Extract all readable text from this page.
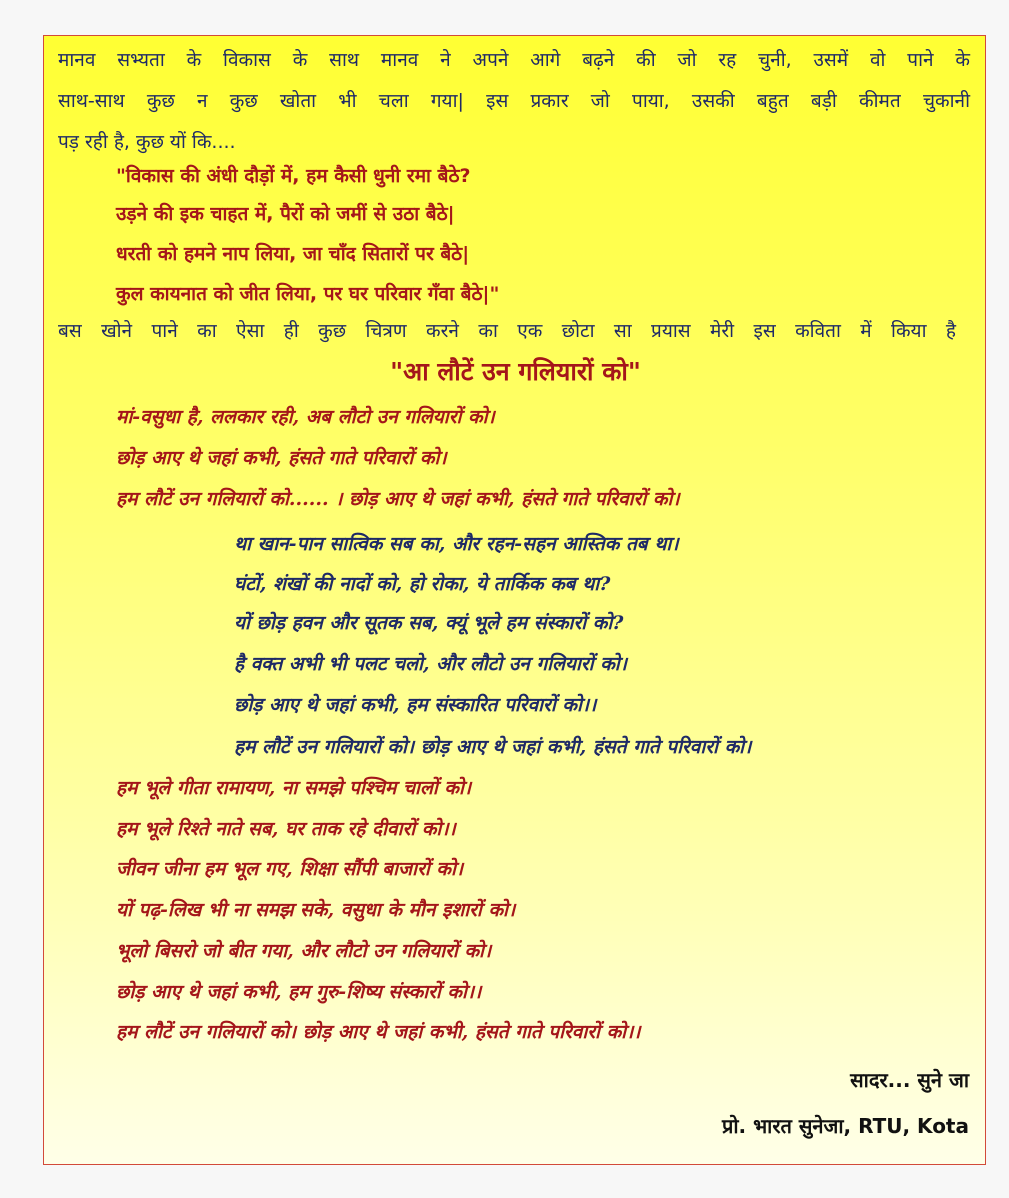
मानव सभ्यता के विकास के साथ मानव ने अपने आगे बढ़ने की जो रह चुनी, उसमें वो पाने के
साथ-साथ कुछ न कुछ खोता भी चला गया| इस प्रकार जो पाया, उसकी बहुत बड़ी कीमत चुकानी
पड़ रही है, कुछ यों कि....
"विकास की अंधी दौड़ों में, हम कैसी धुनी रमा बैठे?
उड़ने की इक चाहत में, पैरों को जमीं से उठा बैठे|
धरती को हमने नाप लिया, जा चाँद सितारों पर बैठे|
कुल कायनात को जीत लिया, पर घर परिवार गँवा बैठे|"
बस खोने पाने का ऐसा ही कुछ चित्रण करने का एक छोटा सा प्रयास मेरी इस कविता में किया है
"आ लौटें उन गलियारों को"
मां-वसुधा है, ललकार रही, अब लौटो उन गलियारों को।
छोड़ आए थे जहां कभी, हंसते गाते परिवारों को।
हम लौटें उन गलियारों को...... । छोड़ आए थे जहां कभी, हंसते गाते परिवारों को।
था खान-पान सात्विक सब का, और रहन-सहन आस्तिक तब था।
घंटों, शंखों की नादों को, हो रोका, ये तार्किक कब था?
यों छोड़ हवन और सूतक सब, क्यूं भूले हम संस्कारों को?
है वक्त अभी भी पलट चलो, और लौटो उन गलियारों को।
छोड़ आए थे जहां कभी, हम संस्कारित परिवारों को।।
हम लौटें उन गलियारों को। छोड़ आए थे जहां कभी, हंसते गाते परिवारों को।
हम भूले गीता रामायण, ना समझे पश्चिम चालों को।
हम भूले रिश्ते नाते सब, घर ताक रहे दीवारों को।।
जीवन जीना हम भूल गए, शिक्षा सौंपी बाजारों को।
यों पढ़-लिख भी ना समझ सके, वसुधा के मौन इशारों को।
भूलो बिसरो जो बीत गया, और लौटो उन गलियारों को।
छोड़ आए थे जहां कभी, हम गुरु-शिष्य संस्कारों को।।
हम लौटें उन गलियारों को। छोड़ आए थे जहां कभी, हंसते गाते परिवारों को।।
सादर... सुने जा
प्रो. भारत सुनेजा, RTU, Kota
